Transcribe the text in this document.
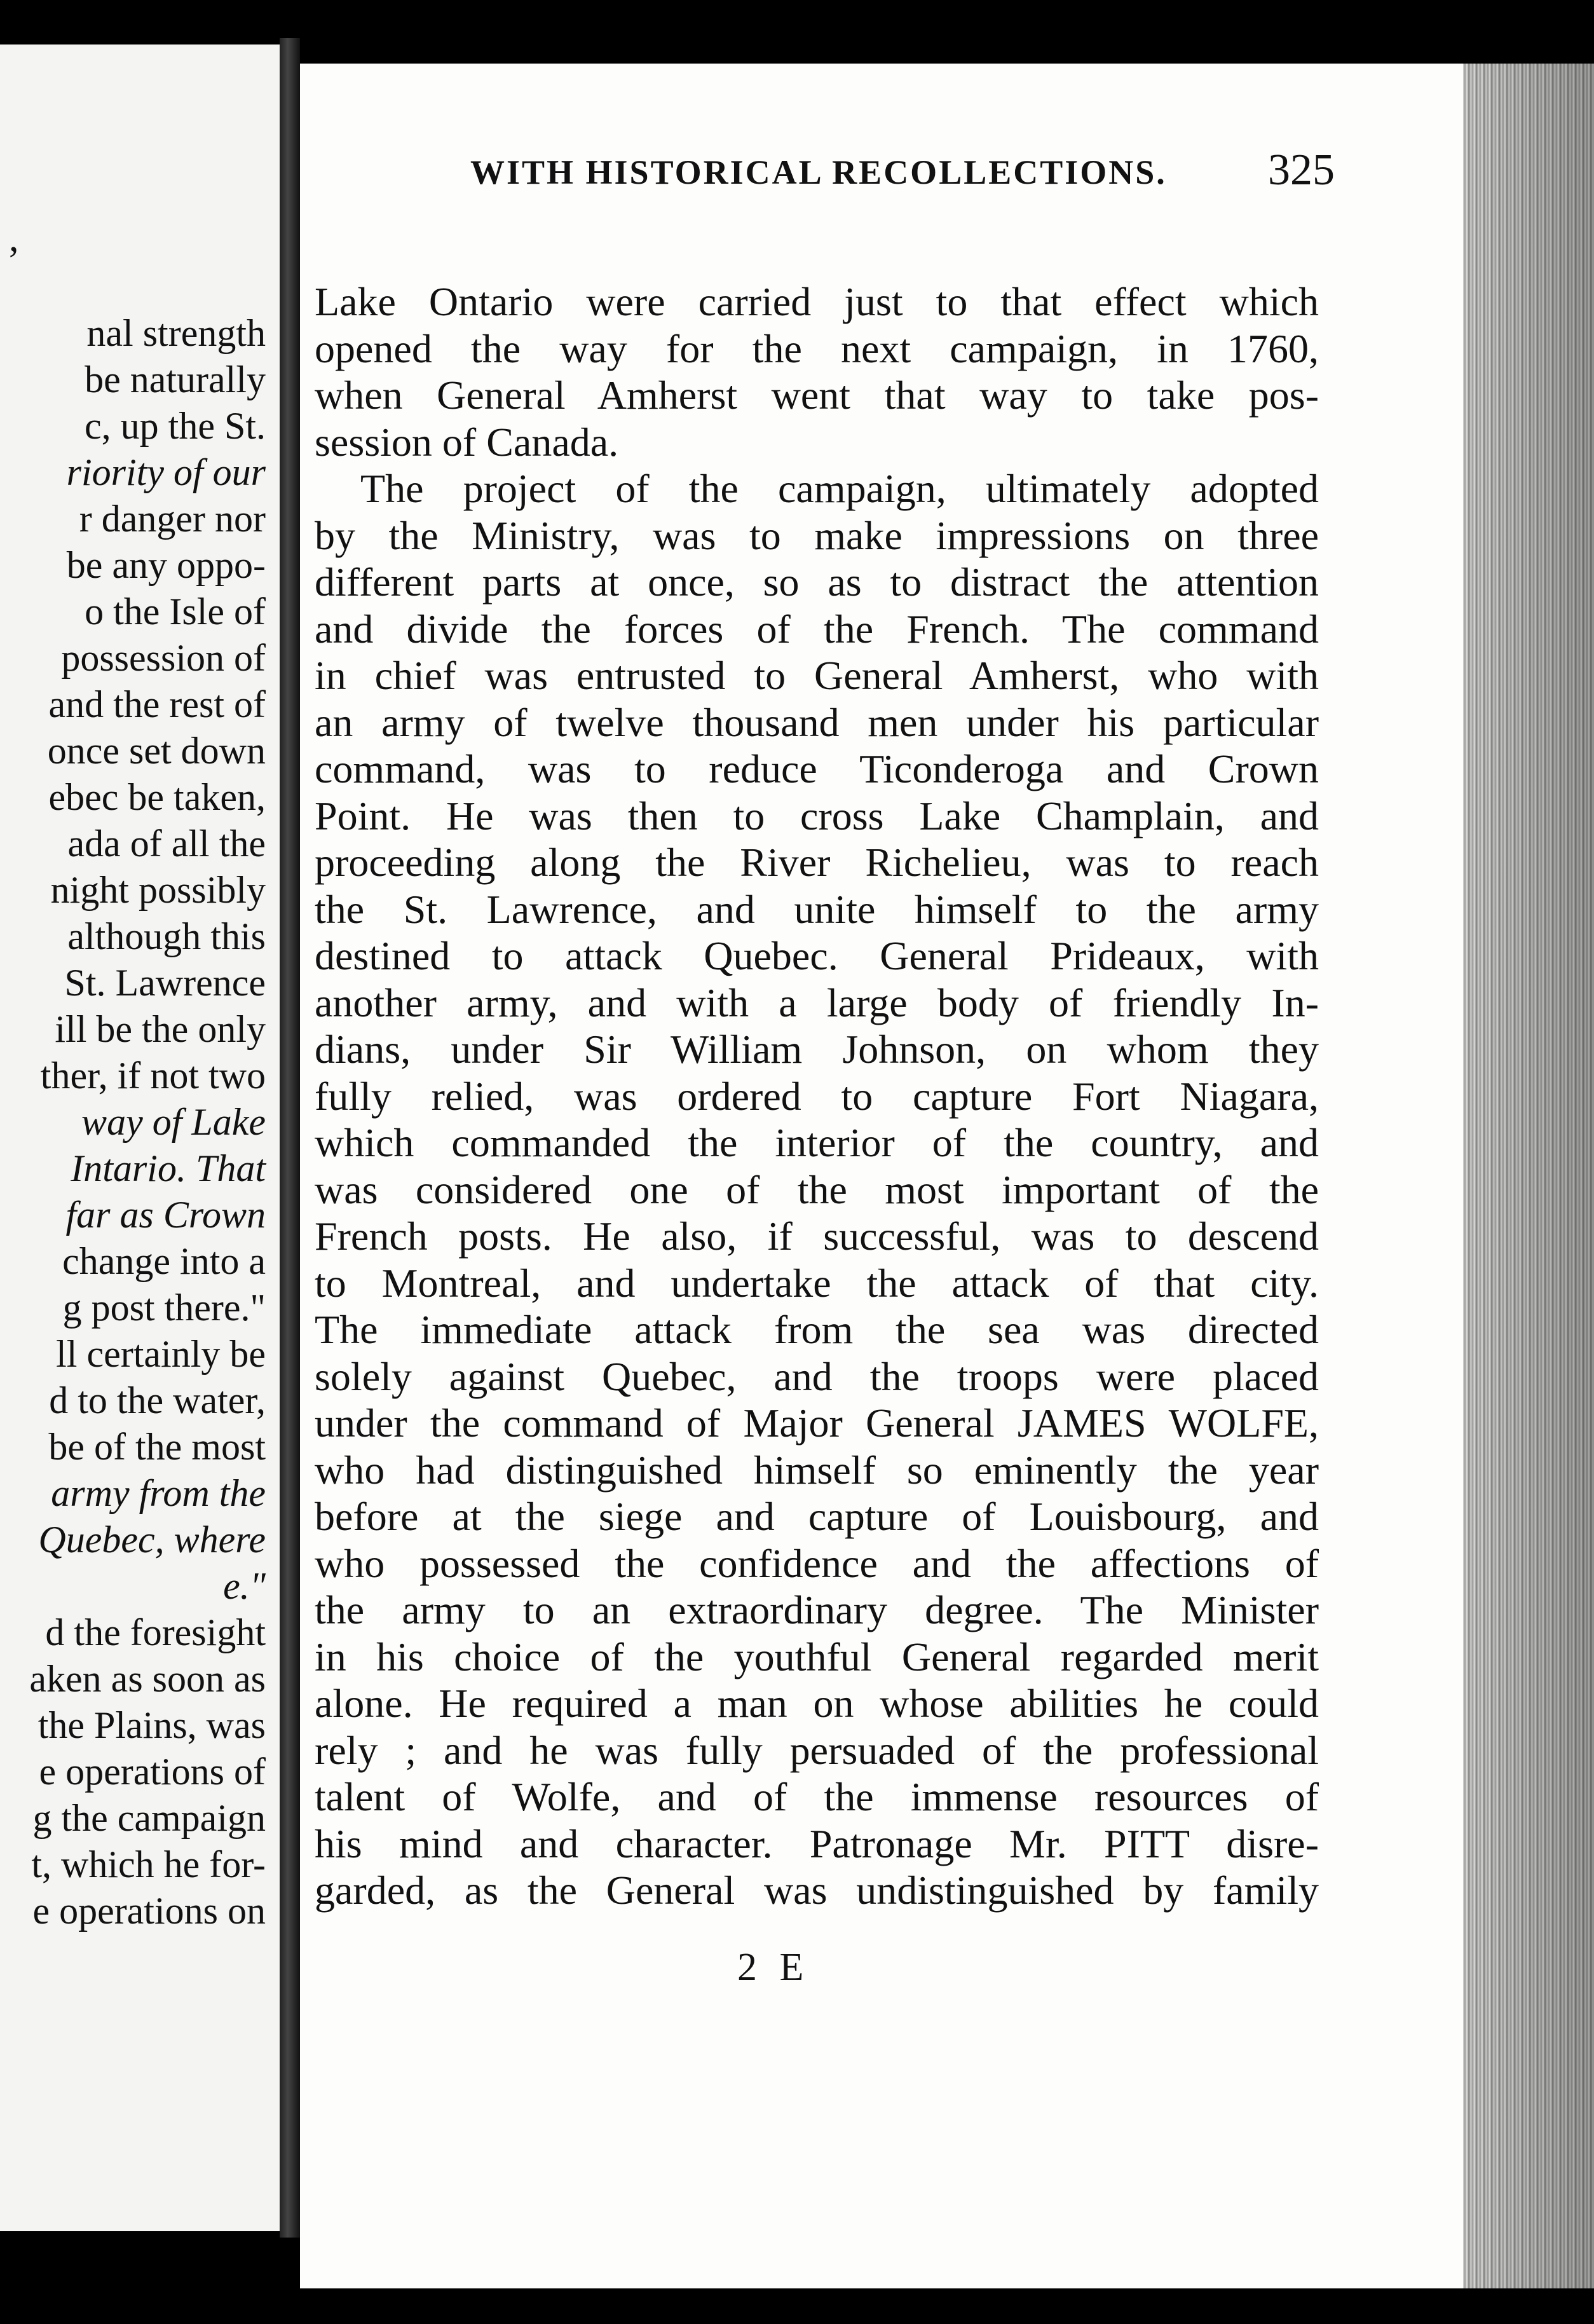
,
nal strength
be naturally
c, up the St.
riority of our
r danger nor
be any oppo-
o the Isle of
possession of
and the rest of
once set down
ebec be taken,
ada of all the
night possibly
although this
St. Lawrence
ill be the only
ther, if not two
way of Lake
Intario. That
far as Crown
change into a
g post there."
ll certainly be
d to the water,
be of the most
army from the
Quebec, where
e."
d the foresight
aken as soon as
the Plains, was
e operations of
g the campaign
t, which he for-
e operations on
WITH HISTORICAL RECOLLECTIONS. 325
Lake Ontario were carried just to that effect which
opened the way for the next campaign, in 1760,
when General Amherst went that way to take pos-
session of Canada.
The project of the campaign, ultimately adopted
by the Ministry, was to make impressions on three
different parts at once, so as to distract the attention
and divide the forces of the French. The command
in chief was entrusted to General Amherst, who with
an army of twelve thousand men under his particular
command, was to reduce Ticonderoga and Crown
Point. He was then to cross Lake Champlain, and
proceeding along the River Richelieu, was to reach
the St. Lawrence, and unite himself to the army
destined to attack Quebec. General Prideaux, with
another army, and with a large body of friendly In-
dians, under Sir William Johnson, on whom they
fully relied, was ordered to capture Fort Niagara,
which commanded the interior of the country, and
was considered one of the most important of the
French posts. He also, if successful, was to descend
to Montreal, and undertake the attack of that city.
The immediate attack from the sea was directed
solely against Quebec, and the troops were placed
under the command of Major General JAMES WOLFE,
who had distinguished himself so eminently the year
before at the siege and capture of Louisbourg, and
who possessed the confidence and the affections of
the army to an extraordinary degree. The Minister
in his choice of the youthful General regarded merit
alone. He required a man on whose abilities he could
rely ; and he was fully persuaded of the professional
talent of Wolfe, and of the immense resources of
his mind and character. Patronage Mr. PITT disre-
garded, as the General was undistinguished by family
2 E
